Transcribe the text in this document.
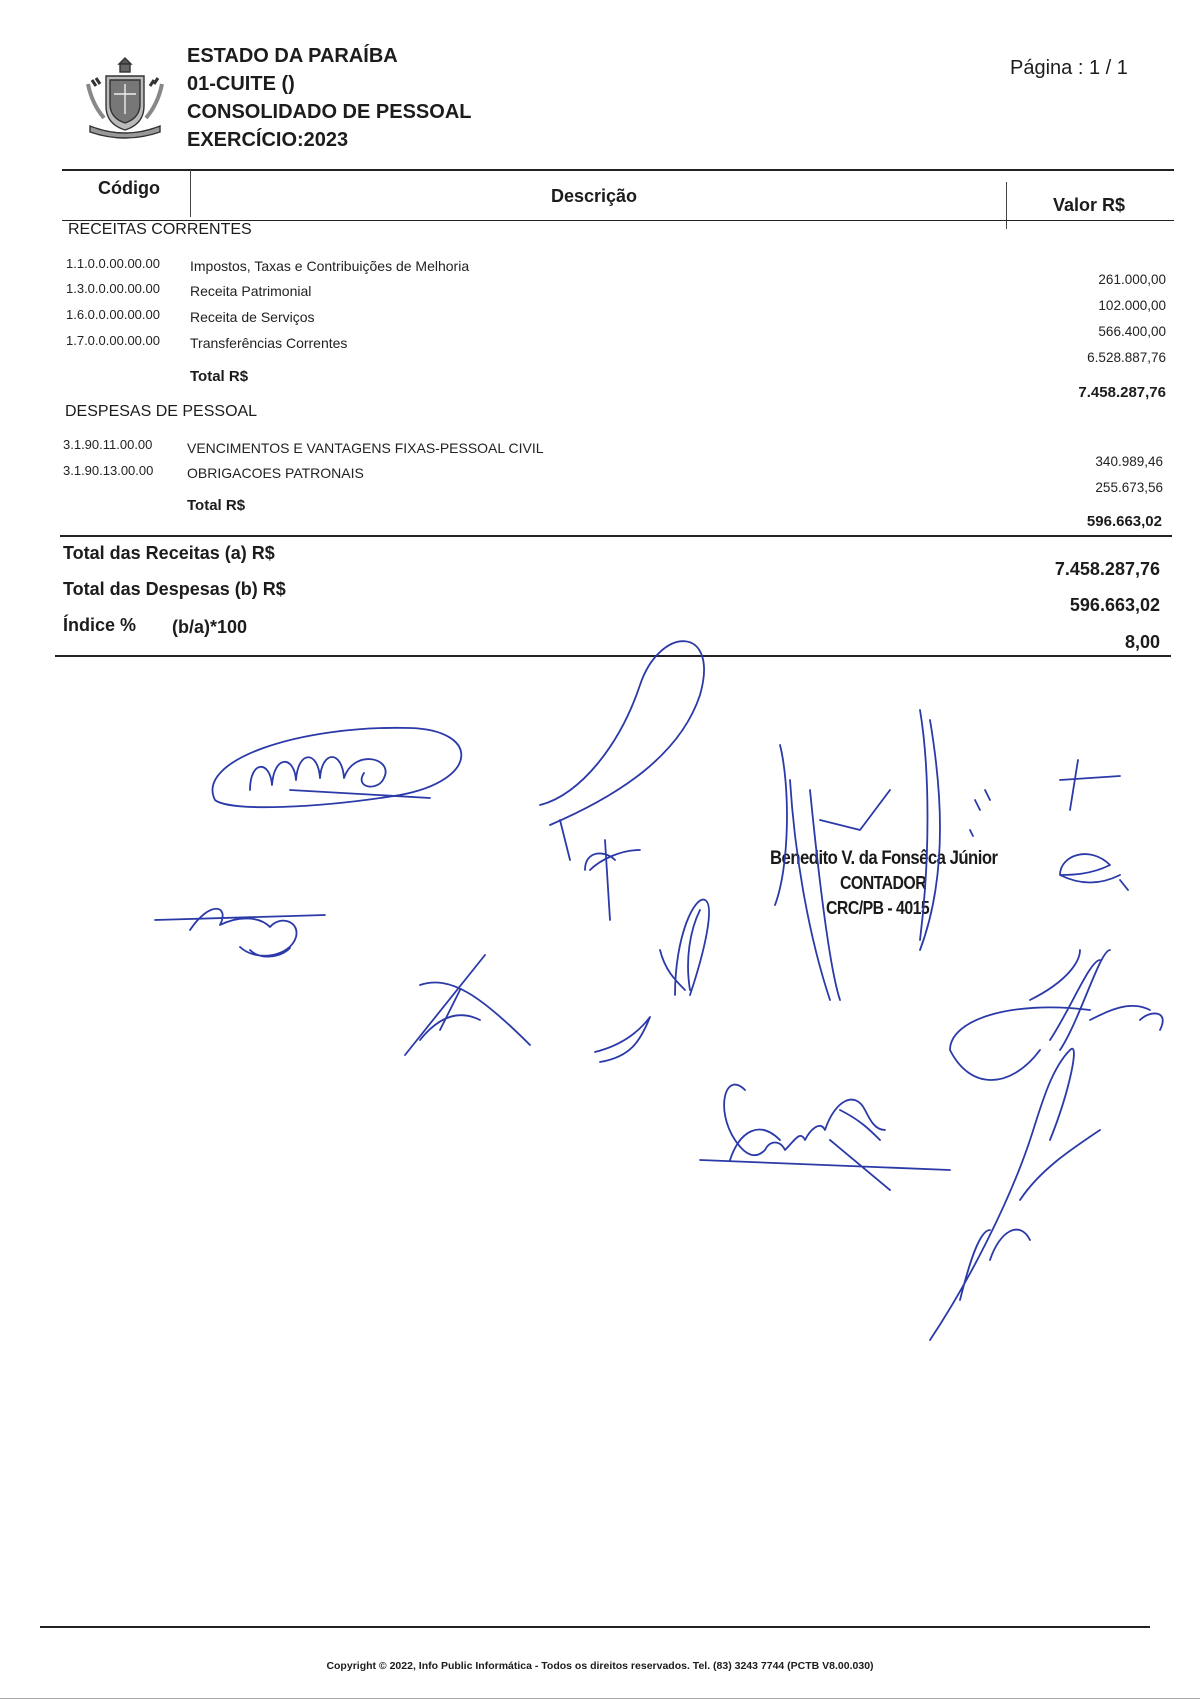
ESTADO DA PARAÍBA
01-CUITE ()
CONSOLIDADO DE PESSOAL
EXERCÍCIO:2023
Página : 1 / 1
Código	Descrição	Valor R$
RECEITAS CORRENTES
1.1.0.0.00.00.00 Impostos, Taxas e Contribuições de Melhoria
261.000,00
1.3.0.0.00.00.00 Receita Patrimonial
102.000,00
1.6.0.0.00.00.00 Receita de Serviços
566.400,00
1.7.0.0.00.00.00 Transferências Correntes
6.528.887,76
Total R$
7.458.287,76
DESPESAS DE PESSOAL
3.1.90.11.00.00 VENCIMENTOS E VANTAGENS FIXAS-PESSOAL CIVIL
340.989,46
3.1.90.13.00.00 OBRIGACOES PATRONAIS
255.673,56
Total R$
596.663,02
Total das Receitas (a) R$
7.458.287,76
Total das Despesas (b) R$
596.663,02
Índice % (b/a)*100
8,00
Benedito V. da Fonsêca Júnior
CONTADOR
CRC/PB - 4015
Copyright © 2022, Info Public Informática - Todos os direitos reservados. Tel. (83) 3243 7744 (PCTB V8.00.030)
